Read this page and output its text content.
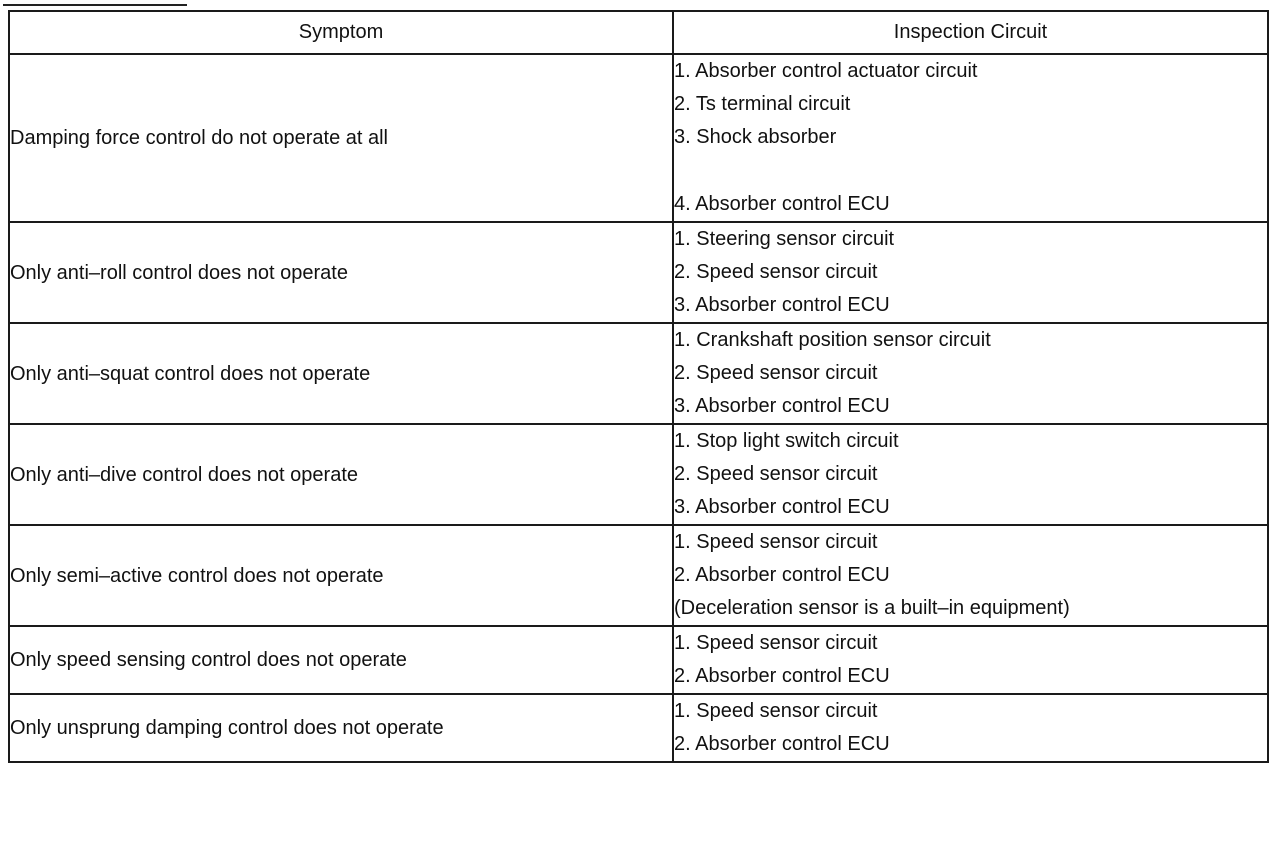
Symptom	Inspection Circuit
Damping force control do not operate at all	1. Absorber control actuator circuit
2. Ts terminal circuit
3. Shock absorber
4. Absorber control ECU

Only anti–roll control does not operate	1. Steering sensor circuit
2. Speed sensor circuit
3. Absorber control ECU

Only anti–squat control does not operate	1. Crankshaft position sensor circuit
2. Speed sensor circuit
3. Absorber control ECU

Only anti–dive control does not operate	1. Stop light switch circuit
2. Speed sensor circuit
3. Absorber control ECU

Only semi–active control does not operate	1. Speed sensor circuit
2. Absorber control ECU
(Deceleration sensor is a built–in equipment)

Only speed sensing control does not operate	1. Speed sensor circuit
2. Absorber control ECU

Only unsprung damping control does not operate	1. Speed sensor circuit
2. Absorber control ECU
